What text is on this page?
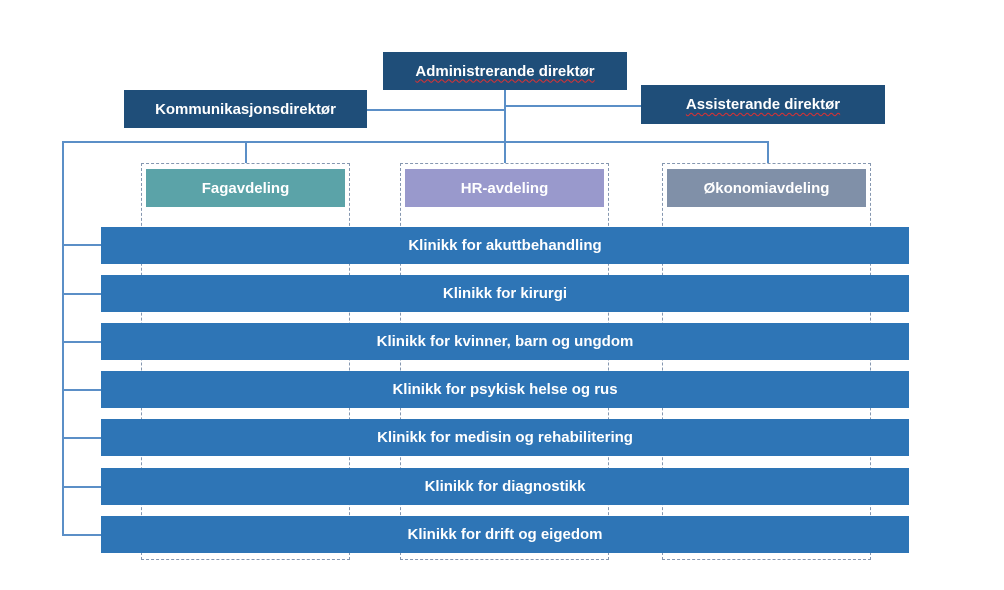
Administrerande direktør
Kommunikasjonsdirektør	Assisterande direktør
Fagavdeling	HR-avdeling	Økonomiavdeling
Klinikk for akuttbehandling
Klinikk for kirurgi
Klinikk for kvinner, barn og ungdom
Klinikk for psykisk helse og rus
Klinikk for medisin og rehabilitering
Klinikk for diagnostikk
Klinikk for drift og eigedom
